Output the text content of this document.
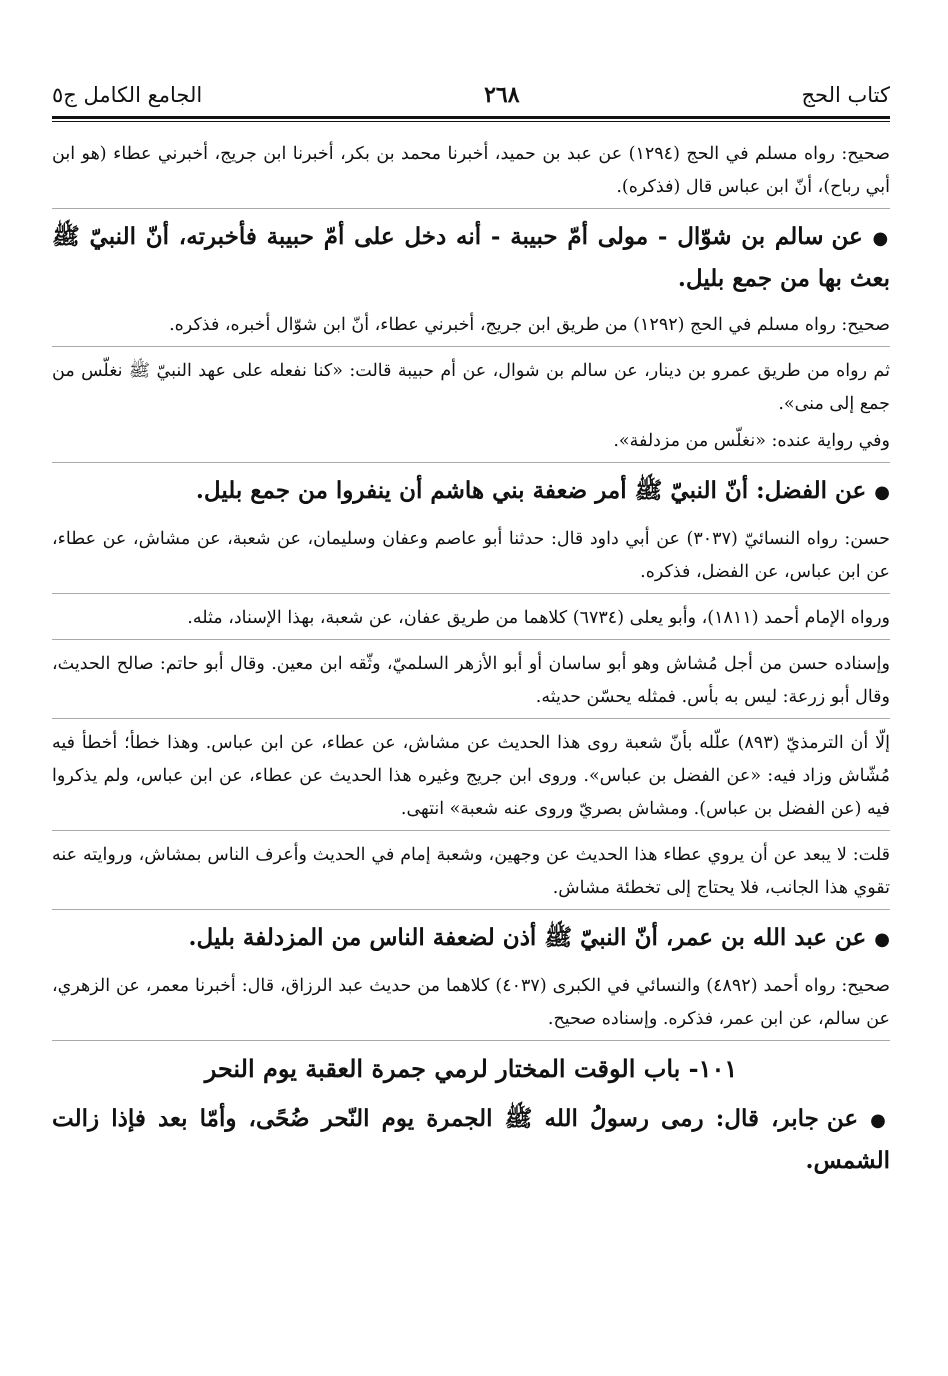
كتاب الحج
٢٦٨
الجامع الكامل ج٥
صحيح: رواه مسلم في الحج (١٢٩٤) عن عبد بن حميد، أخبرنا محمد بن بكر، أخبرنا ابن جريج، أخبرني عطاء (هو ابن أبي رباح)، أنّ ابن عباس قال (فذكره).
● عن سالم بن شوّال - مولى أمّ حبيبة - أنه دخل على أمّ حبيبة فأخبرته، أنّ النبيّ ﷺ بعث بها من جمع بليل.
صحيح: رواه مسلم في الحج (١٢٩٢) من طريق ابن جريج، أخبرني عطاء، أنّ ابن شوّال أخبره، فذكره.
ثم رواه من طريق عمرو بن دينار، عن سالم بن شوال، عن أم حبيبة قالت: «كنا نفعله على عهد النبيّ ﷺ نغلّس من جمع إلى منى».
وفي رواية عنده: «نغلّس من مزدلفة».
● عن الفضل: أنّ النبيّ ﷺ أمر ضعفة بني هاشم أن ينفروا من جمع بليل.
حسن: رواه النسائيّ (٣٠٣٧) عن أبي داود قال: حدثنا أبو عاصم وعفان وسليمان، عن شعبة، عن مشاش، عن عطاء، عن ابن عباس، عن الفضل، فذكره.
ورواه الإمام أحمد (١٨١١)، وأبو يعلى (٦٧٣٤) كلاهما من طريق عفان، عن شعبة، بهذا الإسناد، مثله.
وإسناده حسن من أجل مُشاش وهو أبو ساسان أو أبو الأزهر السلميّ، وثّقه ابن معين. وقال أبو حاتم: صالح الحديث، وقال أبو زرعة: ليس به بأس. فمثله يحسّن حديثه.
إلّا أن الترمذيّ (٨٩٣) علّله بأنّ شعبة روى هذا الحديث عن مشاش، عن عطاء، عن ابن عباس. وهذا خطأ؛ أخطأ فيه مُشّاش وزاد فيه: «عن الفضل بن عباس». وروى ابن جريج وغيره هذا الحديث عن عطاء، عن ابن عباس، ولم يذكروا فيه (عن الفضل بن عباس). ومشاش بصريّ وروى عنه شعبة» انتهى.
قلت: لا يبعد عن أن يروي عطاء هذا الحديث عن وجهين، وشعبة إمام في الحديث وأعرف الناس بمشاش، وروايته عنه تقوي هذا الجانب، فلا يحتاج إلى تخطئة مشاش.
● عن عبد الله بن عمر، أنّ النبيّ ﷺ أذن لضعفة الناس من المزدلفة بليل.
صحيح: رواه أحمد (٤٨٩٢) والنسائي في الكبرى (٤٠٣٧) كلاهما من حديث عبد الرزاق، قال: أخبرنا معمر، عن الزهري، عن سالم، عن ابن عمر، فذكره. وإسناده صحيح.
١٠١- باب الوقت المختار لرمي جمرة العقبة يوم النحر
● عن جابر، قال: رمى رسولُ الله ﷺ الجمرة يوم النّحر ضُحًى، وأمّا بعد فإذا زالت الشمس.
